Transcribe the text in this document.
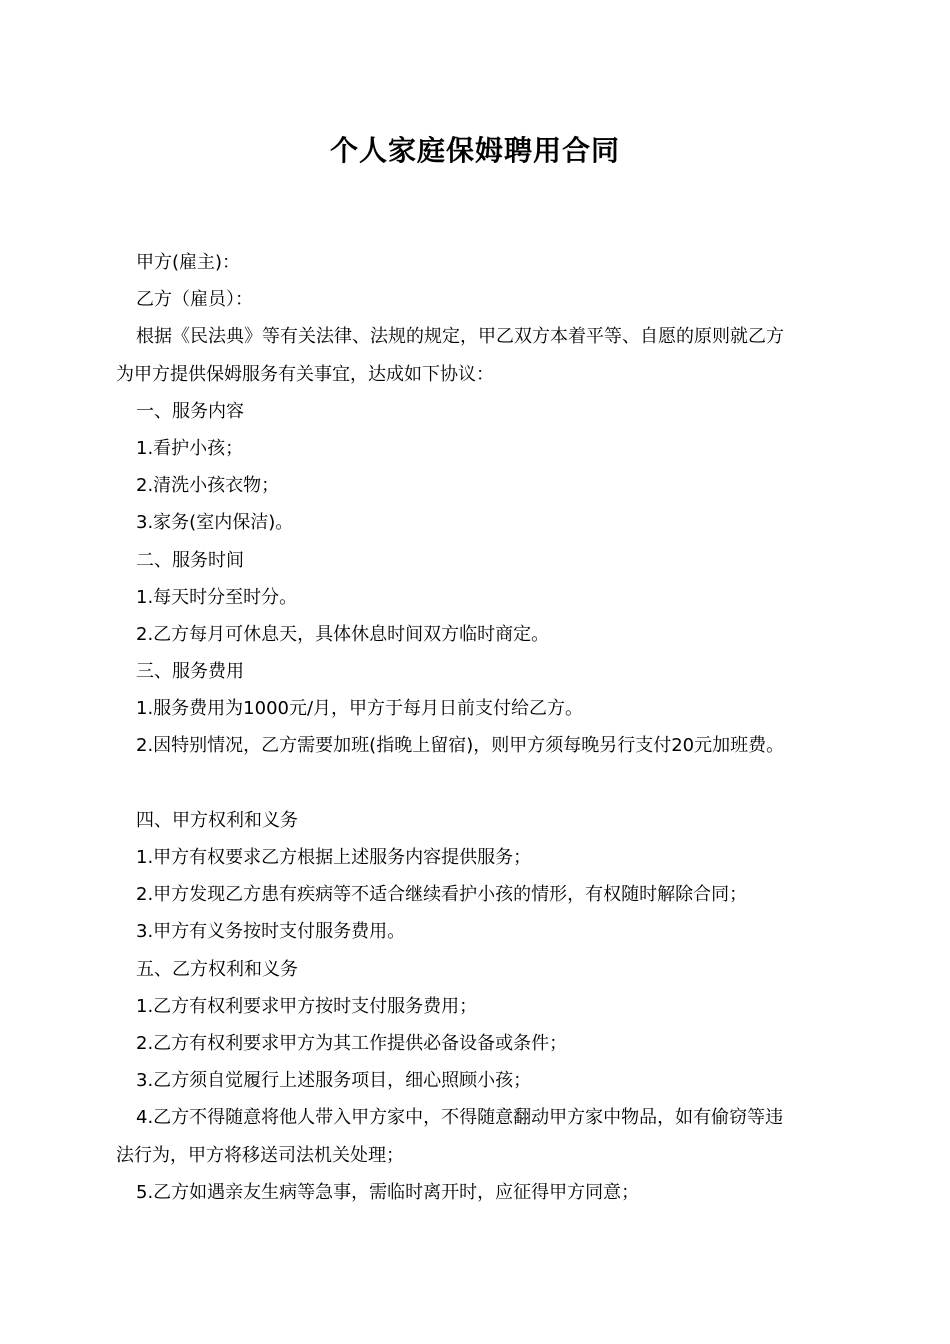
个人家庭保姆聘用合同
甲方(雇主)：
乙方（雇员）：
根据《民法典》等有关法律、法规的规定，甲乙双方本着平等、自愿的原则就乙方
为甲方提供保姆服务有关事宜，达成如下协议：
一、服务内容
1.看护小孩；
2.清洗小孩衣物；
3.家务(室内保洁)。
二、服务时间
1.每天时分至时分。
2.乙方每月可休息天，具体休息时间双方临时商定。
三、服务费用
1.服务费用为1000元/月，甲方于每月日前支付给乙方。
2.因特别情况，乙方需要加班(指晚上留宿)，则甲方须每晚另行支付20元加班费。
四、甲方权利和义务
1.甲方有权要求乙方根据上述服务内容提供服务；
2.甲方发现乙方患有疾病等不适合继续看护小孩的情形，有权随时解除合同；
3.甲方有义务按时支付服务费用。
五、乙方权利和义务
1.乙方有权利要求甲方按时支付服务费用；
2.乙方有权利要求甲方为其工作提供必备设备或条件；
3.乙方须自觉履行上述服务项目，细心照顾小孩；
4.乙方不得随意将他人带入甲方家中，不得随意翻动甲方家中物品，如有偷窃等违
法行为，甲方将移送司法机关处理；
5.乙方如遇亲友生病等急事，需临时离开时，应征得甲方同意；
